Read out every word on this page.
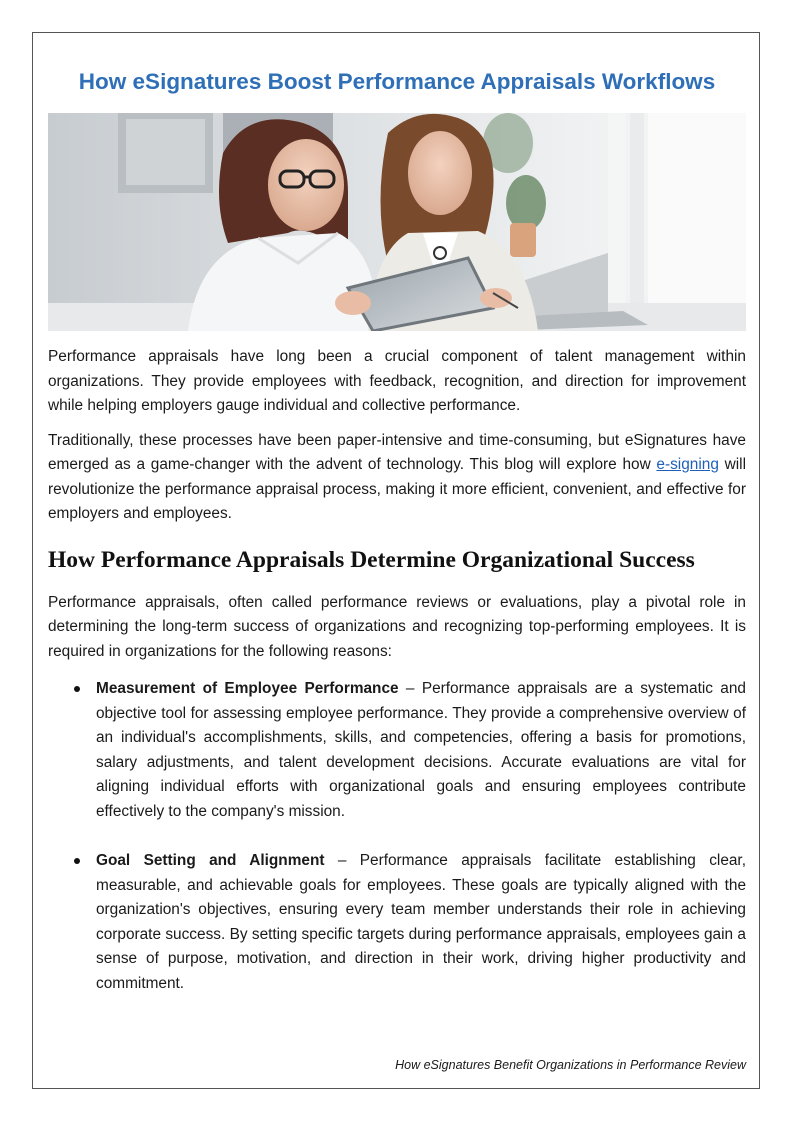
How eSignatures Boost Performance Appraisals Workflows

Performance appraisals have long been a crucial component of talent management within organizations. They provide employees with feedback, recognition, and direction for improvement while helping employers gauge individual and collective performance.

Traditionally, these processes have been paper-intensive and time-consuming, but eSignatures have emerged as a game-changer with the advent of technology. This blog will explore how e-signing will revolutionize the performance appraisal process, making it more efficient, convenient, and effective for employers and employees.

How Performance Appraisals Determine Organizational Success

Performance appraisals, often called performance reviews or evaluations, play a pivotal role in determining the long-term success of organizations and recognizing top-performing employees. It is required in organizations for the following reasons:

Measurement of Employee Performance – Performance appraisals are a systematic and objective tool for assessing employee performance. They provide a comprehensive overview of an individual's accomplishments, skills, and competencies, offering a basis for promotions, salary adjustments, and talent development decisions. Accurate evaluations are vital for aligning individual efforts with organizational goals and ensuring employees contribute effectively to the company's mission.
Goal Setting and Alignment – Performance appraisals facilitate establishing clear, measurable, and achievable goals for employees. These goals are typically aligned with the organization's objectives, ensuring every team member understands their role in achieving corporate success. By setting specific targets during performance appraisals, employees gain a sense of purpose, motivation, and direction in their work, driving higher productivity and commitment.
How eSignatures Benefit Organizations in Performance Review
